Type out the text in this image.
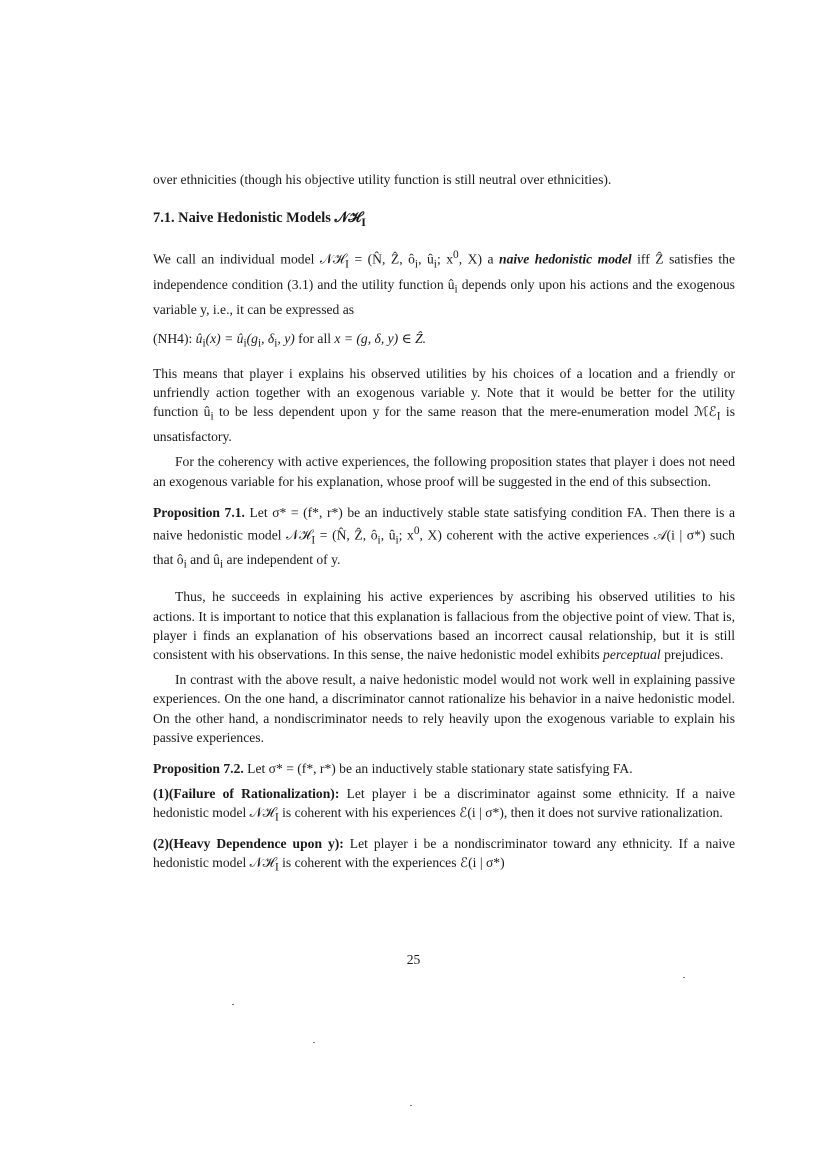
over ethnicities (though his objective utility function is still neutral over ethnicities).

7.1. Naive Hedonistic Models 𝒩ℋ$_I$

We call an individual model 𝒩ℋ$_I$ = (N̂, Ẑ, $ô_i$, $û_i$; $x^0$, X) a naive hedonistic model iff Ẑ satisfies the independence condition (3.1) and the utility function $û_i$ depends only upon his actions and the exogenous variable y, i.e., it can be expressed as

(NH4): $û_i(x)$ = $û_i(g_i$, $\delta_i$, y) for all x = (g, δ, y) ∈ Ẑ.

This means that player i explains his observed utilities by his choices of a location and a friendly or unfriendly action together with an exogenous variable y. Note that it would be better for the utility function $û_i$ to be less dependent upon y for the same reason that the mere-enumeration model ℳℰ$_I$ is unsatisfactory.

For the coherency with active experiences, the following proposition states that player i does not need an exogenous variable for his explanation, whose proof will be suggested in the end of this subsection.

Proposition 7.1. Let σ* = (f*, r*) be an inductively stable state satisfying condition FA. Then there is a naive hedonistic model 𝒩ℋ$_I$ = (N̂, Ẑ, $ô_i$, $û_i$; $x^0$, X) coherent with the active experiences 𝒜(i | σ*) such that $ô_i$ and $û_i$ are independent of y.

Thus, he succeeds in explaining his active experiences by ascribing his observed utilities to his actions. It is important to notice that this explanation is fallacious from the objective point of view. That is, player i finds an explanation of his observations based an incorrect causal relationship, but it is still consistent with his observations. In this sense, the naive hedonistic model exhibits perceptual prejudices.

In contrast with the above result, a naive hedonistic model would not work well in explaining passive experiences. On the one hand, a discriminator cannot rationalize his behavior in a naive hedonistic model. On the other hand, a nondiscriminator needs to rely heavily upon the exogenous variable to explain his passive experiences.

Proposition 7.2. Let σ* = (f*, r*) be an inductively stable stationary state satisfying FA.

(1)(Failure of Rationalization): Let player i be a discriminator against some ethnicity. If a naive hedonistic model 𝒩ℋ$_I$ is coherent with his experiences ℰ(i | σ*), then it does not survive rationalization.

(2)(Heavy Dependence upon y): Let player i be a nondiscriminator toward any ethnicity. If a naive hedonistic model 𝒩ℋ$_I$ is coherent with the experiences ℰ(i | σ*)

25
